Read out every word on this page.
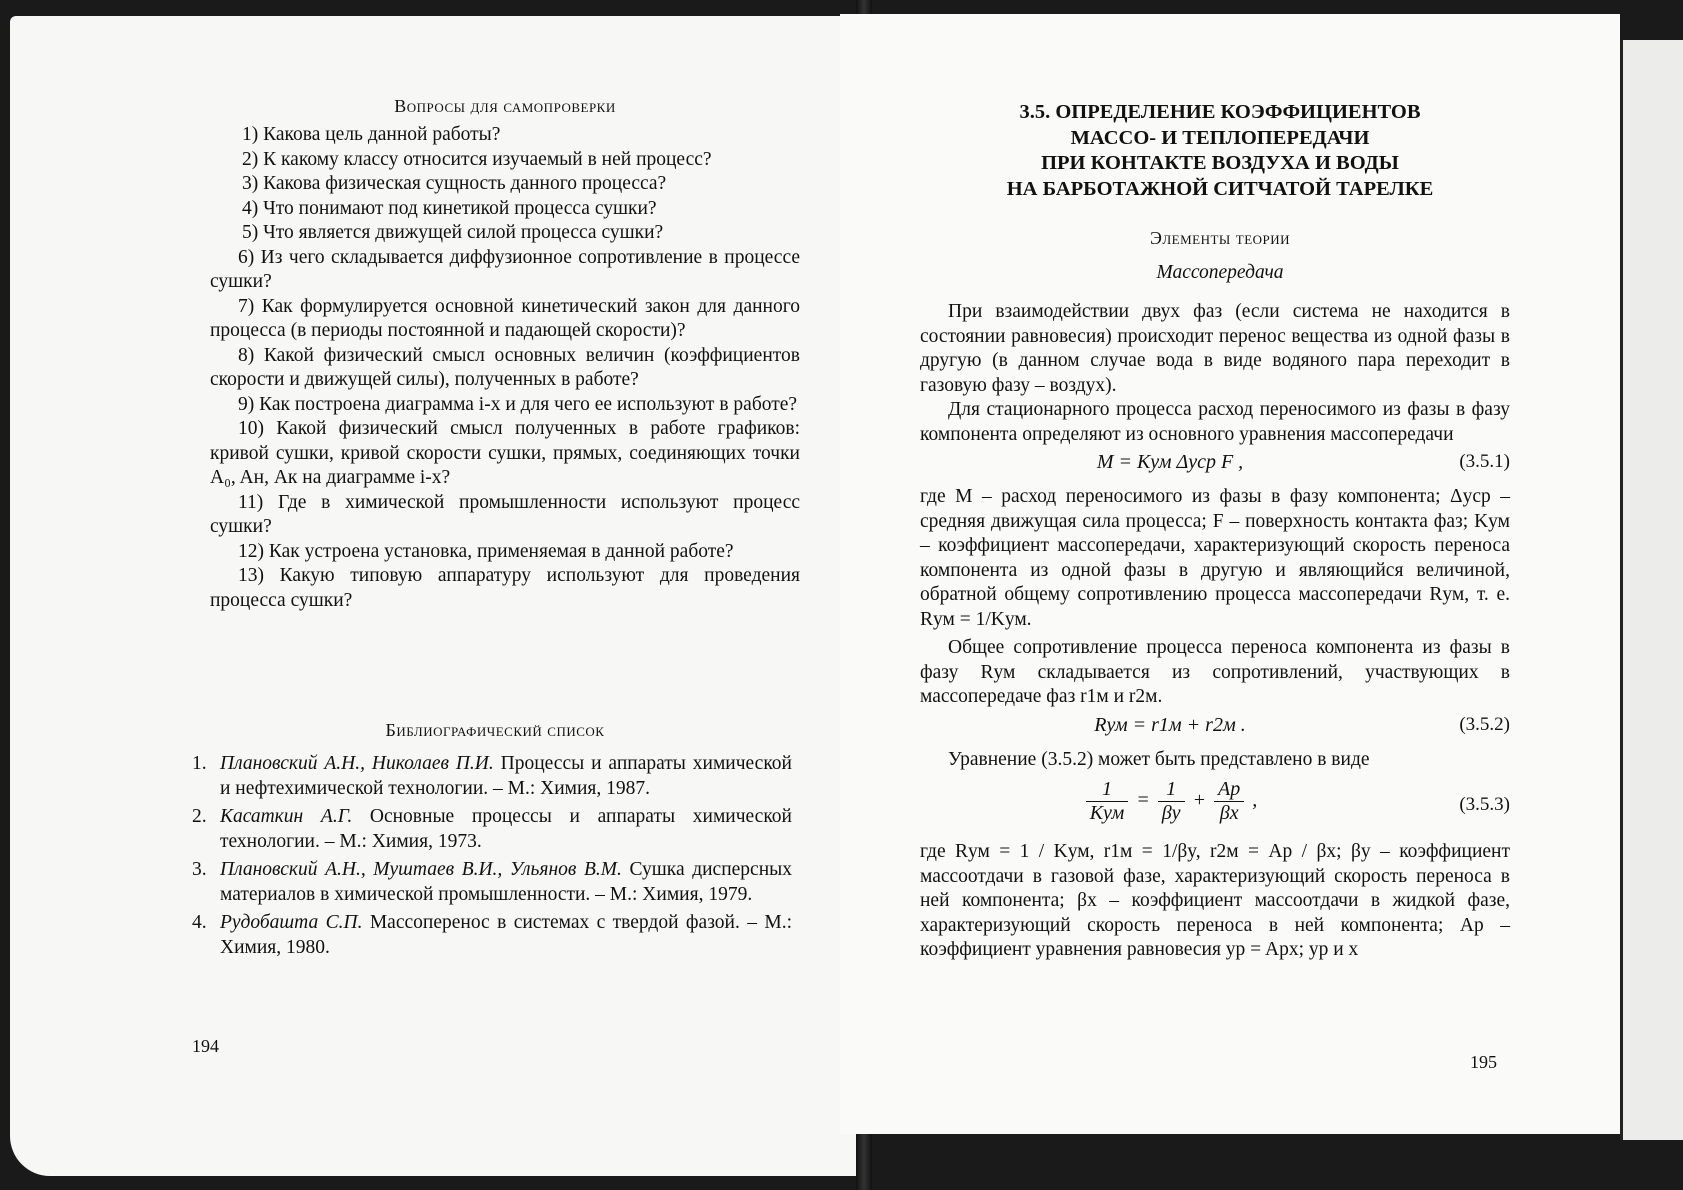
Вопросы для самопроверки

1) Какова цель данной работы?

2) К какому классу относится изучаемый в ней процесс?

3) Какова физическая сущность данного процесса?

4) Что понимают под кинетикой процесса сушки?

5) Что является движущей силой процесса сушки?

6) Из чего складывается диффузионное сопротивление в процессе сушки?

7) Как формулируется основной кинетический закон для данного процесса (в периоды постоянной и падающей скорости)?

8) Какой физический смысл основных величин (коэффициентов скорости и движущей силы), полученных в работе?

9) Как построена диаграмма i-x и для чего ее используют в работе?

10) Какой физический смысл полученных в работе графиков: кривой сушки, кривой скорости сушки, прямых, соединяющих точки A₀, Aн, Aк на диаграмме i-x?

11) Где в химической промышленности используют процесс сушки?

12) Как устроена установка, применяемая в данной работе?

13) Какую типовую аппаратуру используют для проведения процесса сушки?

Библиографический список
1. Плановский А.Н., Николаев П.И. Процессы и аппараты химической и нефтехимической технологии. – М.: Химия, 1987.
2. Касаткин А.Г. Основные процессы и аппараты химической технологии. – М.: Химия, 1973.
3. Плановский А.Н., Муштаев В.И., Ульянов В.М. Сушка дисперсных материалов в химической промышленности. – М.: Химия, 1979.
4. Рудобашта С.П. Массоперенос в системах с твердой фазой. – М.: Химия, 1980.
194
3.5. ОПРЕДЕЛЕНИЕ КОЭФФИЦИЕНТОВ
МАССО- И ТЕПЛОПЕРЕДАЧИ
ПРИ КОНТАКТЕ ВОЗДУХА И ВОДЫ
НА БАРБОТАЖНОЙ СИТЧАТОЙ ТАРЕЛКЕ
Элементы теории
Массопередача

При взаимодействии двух фаз (если система не находится в состоянии равновесия) происходит перенос вещества из одной фазы в другую (в данном случае вода в виде водяного пара переходит в газовую фазу – воздух).

Для стационарного процесса расход переносимого из фазы в фазу компонента определяют из основного уравнения массопередачи

M = Kум Δyср F ,	(3.5.1)

где M – расход переносимого из фазы в фазу компонента; Δyср – средняя движущая сила процесса; F – поверхность контакта фаз; Kум – коэффициент массопередачи, характеризующий скорость переноса компонента из одной фазы в другую и являющийся величиной, обратной общему сопротивлению процесса массопередачи Rум, т. е. Rум = 1/Kум.

Общее сопротивление процесса переноса компонента из фазы в фазу Rум складывается из сопротивлений, участвующих в массопередаче фаз r1м и r2м.

Rум = r1м + r2м .	(3.5.2)

Уравнение (3.5.2) может быть представлено в виде

$\frac{1}{\text{Kум}} = \frac{1}{\beta y} + \frac{Ap}{\beta x}$ ,	(3.5.3)

где Rум = 1 / Kум, r1м = 1/βy, r2м = Ap / βx; βy – коэффициент массоотдачи в газовой фазе, характеризующий скорость переноса в ней компонента; βx – коэффициент массоотдачи в жидкой фазе, характеризующий скорость переноса в ней компонента; Ap – коэффициент уравнения равновесия yp = Apx; yp и x

195
